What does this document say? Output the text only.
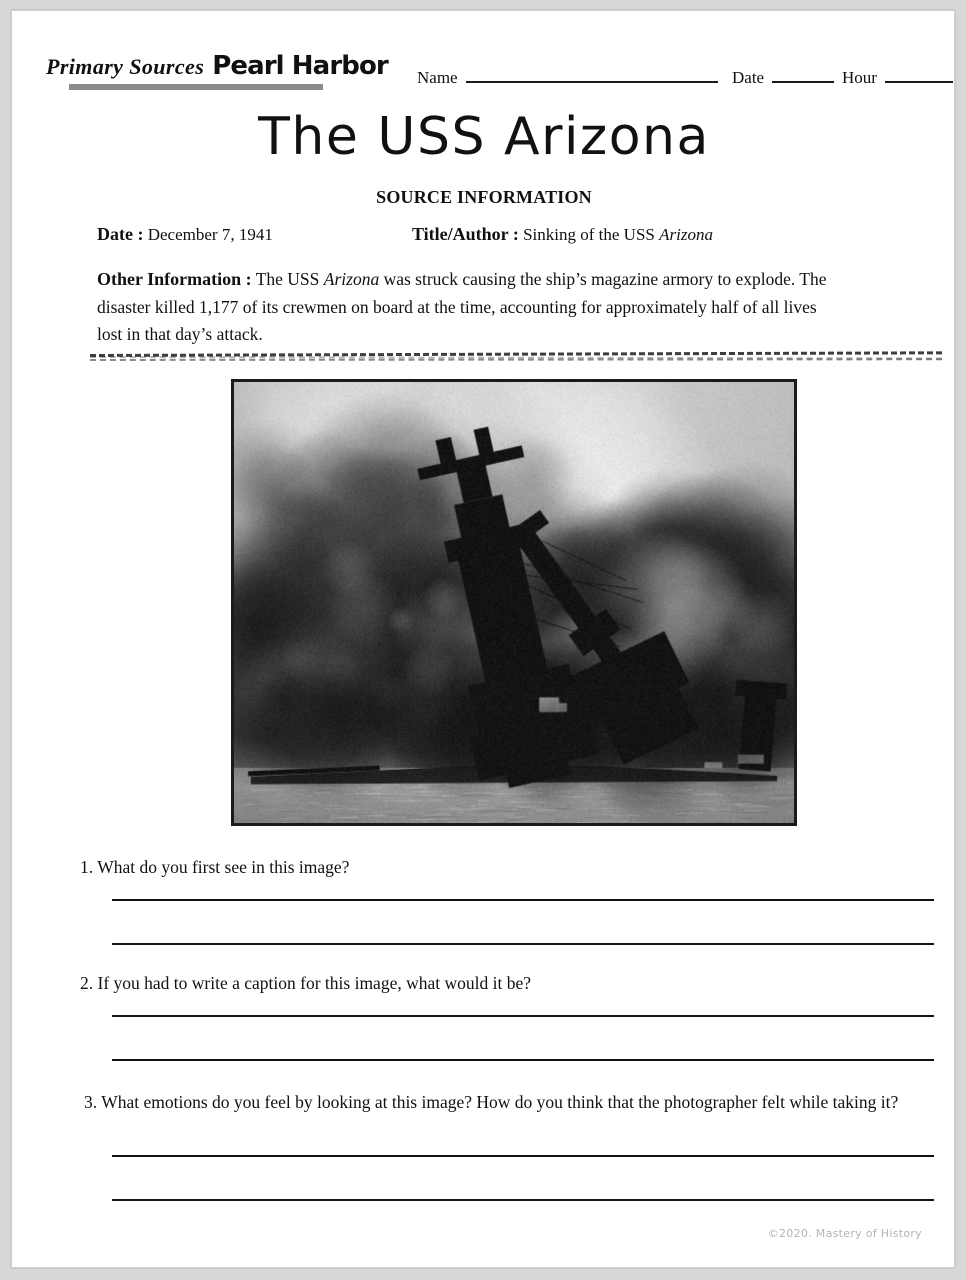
Primary Sources Pearl Harbor Name	Date	Hour
The USS Arizona
SOURCE INFORMATION
Date : December 7, 1941	Title/Author : Sinking of the USS Arizona
Other Information : The USS Arizona was struck causing the ship’s magazine armory to explode. The disaster killed 1,177 of its crewmen on board at the time, accounting for approximately half of all lives lost in that day’s attack.
1. What do you first see in this image?
2. If you had to write a caption for this image, what would it be?
3. What emotions do you feel by looking at this image? How do you think that the photographer felt while taking it?
©2020. Mastery of History
